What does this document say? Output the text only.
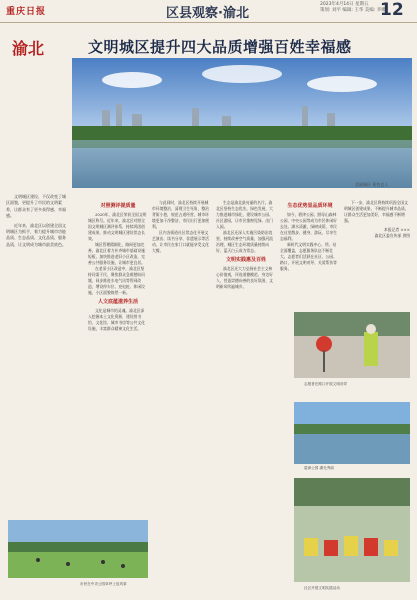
重庆日报	区县观察·渝北
2023年4月14日 星期五
策划: 刘平 编辑: 王华 美编: 李娜
12
渝北	文明城区提升四大品质增强百姓幸福感
美丽城区 景色宜人

文明城区建设，不仅改变了城区面貌，更提升了市民的文明素养，让群众有了更多获得感、幸福感。

近年来，渝北区以创建全国文明城区为抓手，着力提升城市功能品质、生态品质、文化品质、服务品质，让文明成为城市最美底色。

对照测评提质量

2020年，渝北区荣获全国文明城区称号。近年来，渝北区对照全国文明城区测评体系，持续巩固创建成果，推动文明城区建设常态长效。

城区管理精细化，路网更加完善。渝北区着力补齐城市基础设施短板，加快推进老旧小区改造，完善公共服务设施，让城市更宜居。

在老旧小区改造中，渝北区坚持问需于民，聚焦群众急难愁盼问题，同步推进水电气讯等管网改造，增设停车位、充电桩、休闲设施，小区面貌焕然一新。

人文底蕴滋养生活

文化是城市的灵魂。渝北区深入挖掘本土文化资源，建设图书馆、文化馆、城市书房等公共文化设施，丰富群众精神文化生活。

与此同时，渝北区持续开展城市环境整治，清理卫生死角，整治背街小巷，规范占道经营，城市环境更加干净整洁，市民出行更加便利。

区内各街道社区常态化开展文艺演出、读书分享、非遗展示等活动，让市民在家门口就能享受文化大餐。

生态是渝北最亮丽的名片。渝北区坚持生态优先、绿色发展，大力推进城市绿化，建设城市公园、社区游园，让市民推窗见绿、出门入园。

渝北区还深入实施污染防治攻坚，持续改善空气质量，加强河流治理，城区生态环境质量持续向好，蓝天白云成为常态。

文明实践惠及百姓

渝北区还大力弘扬社会主义核心价值观，评选道德模范、身边好人，营造崇德向善的良好氛围，文明新风吹遍城乡。

生态优势显品质环境

如今，碧津公园、照母山森林公园、中央公园等成为市民休闲好去处。湖水清澈，绿树成荫，市民在这里散步、健身、游玩，尽享生态福利。

新时代文明实践中心、所、站全面覆盖，志愿服务队伍不断壮大。志愿者们活跃在社区、公园、路口，开展文明劝导、关爱帮扶等服务。

下一步，渝北区将持续巩固全国文明城区创建成果，不断提升城市品质，让群众生活更加美好，幸福感不断增强。

本报记者 ×××
渝北区委宣传部 供图
市民在中央公园草坪上放风筝
志愿者在路口开展文明劝导
碧津公园 湖光秀丽
社区开展文明实践活动
